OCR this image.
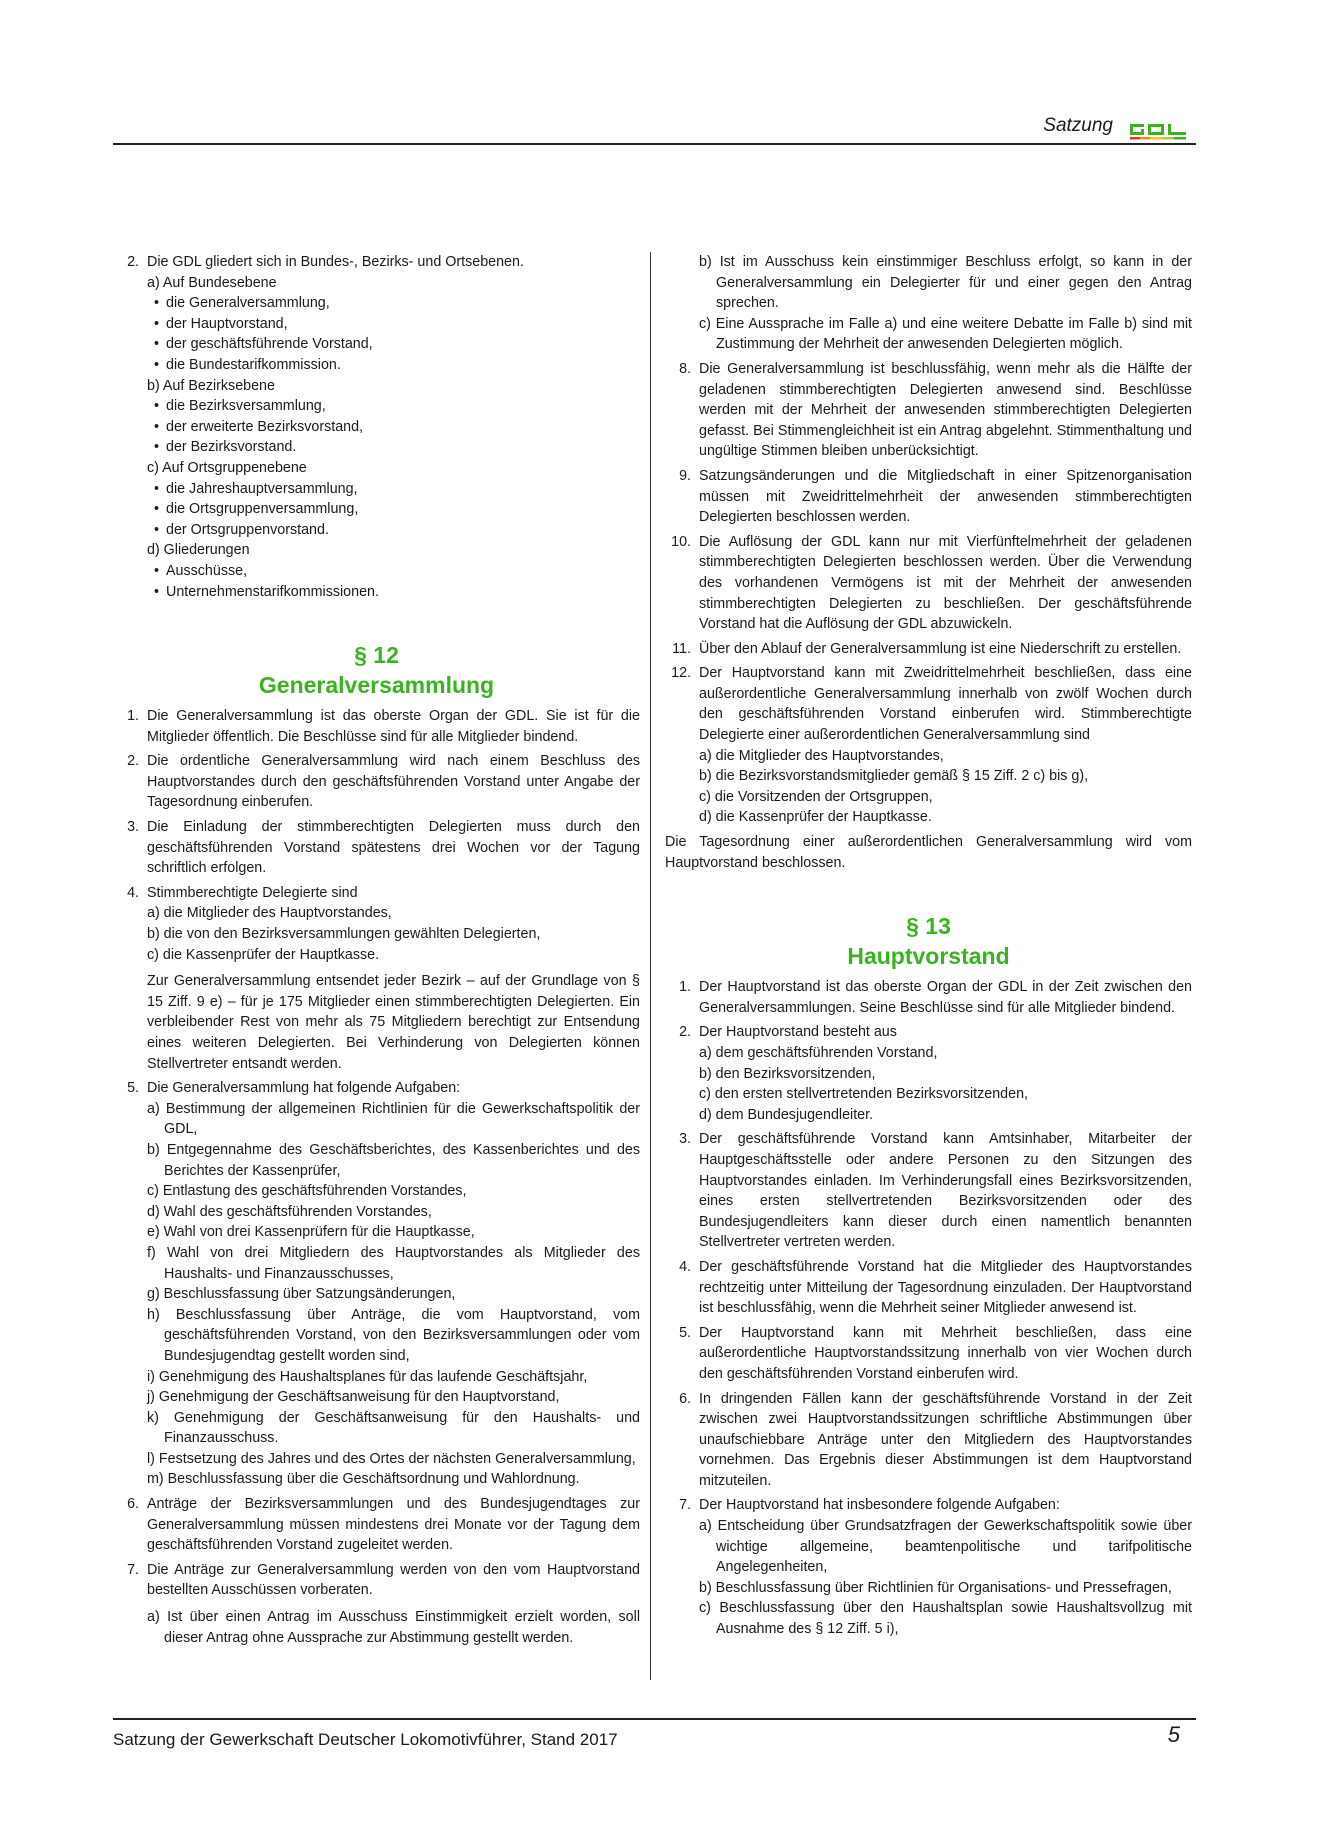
Satzung
2. Die GDL gliedert sich in Bundes-, Bezirks- und Ortsebenen.
a) Auf Bundesebene
• die Generalversammlung,
• der Hauptvorstand,
• der geschäftsführende Vorstand,
• die Bundestarifkommission.
b) Auf Bezirksebene
• die Bezirksversammlung,
• der erweiterte Bezirksvorstand,
• der Bezirksvorstand.
c) Auf Ortsgruppenebene
• die Jahreshauptversammlung,
• die Ortsgruppenversammlung,
• der Ortsgruppenvorstand.
d) Gliederungen
• Ausschüsse,
• Unternehmenstarifkommissionen.
§ 12
Generalversammlung
1. Die Generalversammlung ist das oberste Organ der GDL. Sie ist für die Mitglieder öffentlich. Die Beschlüsse sind für alle Mitglieder bindend.
2. Die ordentliche Generalversammlung wird nach einem Beschluss des Hauptvorstandes durch den geschäftsführenden Vorstand unter Angabe der Tagesordnung einberufen.
3. Die Einladung der stimmberechtigten Delegierten muss durch den geschäftsführenden Vorstand spätestens drei Wochen vor der Tagung schriftlich erfolgen.
4. Stimmberechtigte Delegierte sind
a) die Mitglieder des Hauptvorstandes,
b) die von den Bezirksversammlungen gewählten Delegierten,
c) die Kassenprüfer der Hauptkasse.
Zur Generalversammlung entsendet jeder Bezirk – auf der Grundlage von § 15 Ziff. 9 e) – für je 175 Mitglieder einen stimmberechtigten Delegierten. Ein verbleibender Rest von mehr als 75 Mitgliedern berechtigt zur Entsendung eines weiteren Delegierten. Bei Verhinderung von Delegierten können Stellvertreter entsandt werden.
5. Die Generalversammlung hat folgende Aufgaben:
a) Bestimmung der allgemeinen Richtlinien für die Gewerkschaftspolitik der GDL,
b) Entgegennahme des Geschäftsberichtes, des Kassenberichtes und des Berichtes der Kassenprüfer,
c) Entlastung des geschäftsführenden Vorstandes,
d) Wahl des geschäftsführenden Vorstandes,
e) Wahl von drei Kassenprüfern für die Hauptkasse,
f) Wahl von drei Mitgliedern des Hauptvorstandes als Mitglieder des Haushalts- und Finanzausschusses,
g) Beschlussfassung über Satzungsänderungen,
h) Beschlussfassung über Anträge, die vom Hauptvorstand, vom geschäftsführenden Vorstand, von den Bezirksversammlungen oder vom Bundesjugendtag gestellt worden sind,
i) Genehmigung des Haushaltsplanes für das laufende Geschäftsjahr,
j) Genehmigung der Geschäftsanweisung für den Hauptvorstand,
k) Genehmigung der Geschäftsanweisung für den Haushalts- und Finanzausschuss.
l) Festsetzung des Jahres und des Ortes der nächsten Generalversammlung,
m) Beschlussfassung über die Geschäftsordnung und Wahlordnung.
6. Anträge der Bezirksversammlungen und des Bundesjugendtages zur Generalversammlung müssen mindestens drei Monate vor der Tagung dem geschäftsführenden Vorstand zugeleitet werden.
7. Die Anträge zur Generalversammlung werden von den vom Hauptvorstand bestellten Ausschüssen vorberaten.
a) Ist über einen Antrag im Ausschuss Einstimmigkeit erzielt worden, soll dieser Antrag ohne Aussprache zur Abstimmung gestellt werden.
b) Ist im Ausschuss kein einstimmiger Beschluss erfolgt, so kann in der Generalversammlung ein Delegierter für und einer gegen den Antrag sprechen.
c) Eine Aussprache im Falle a) und eine weitere Debatte im Falle b) sind mit Zustimmung der Mehrheit der anwesenden Delegierten möglich.
8. Die Generalversammlung ist beschlussfähig, wenn mehr als die Hälfte der geladenen stimmberechtigten Delegierten anwesend sind. Beschlüsse werden mit der Mehrheit der anwesenden stimmberechtigten Delegierten gefasst. Bei Stimmengleichheit ist ein Antrag abgelehnt. Stimmenthaltung und ungültige Stimmen bleiben unberücksichtigt.
9. Satzungsänderungen und die Mitgliedschaft in einer Spitzenorganisation müssen mit Zweidrittelmehrheit der anwesenden stimmberechtigten Delegierten beschlossen werden.
10. Die Auflösung der GDL kann nur mit Vierfünftelmehrheit der geladenen stimmberechtigten Delegierten beschlossen werden. Über die Verwendung des vorhandenen Vermögens ist mit der Mehrheit der anwesenden stimmberechtigten Delegierten zu beschließen. Der geschäftsführende Vorstand hat die Auflösung der GDL abzuwickeln.
11. Über den Ablauf der Generalversammlung ist eine Niederschrift zu erstellen.
12. Der Hauptvorstand kann mit Zweidrittelmehrheit beschließen, dass eine außerordentliche Generalversammlung innerhalb von zwölf Wochen durch den geschäftsführenden Vorstand einberufen wird. Stimmberechtigte Delegierte einer außerordentlichen Generalversammlung sind
a) die Mitglieder des Hauptvorstandes,
b) die Bezirksvorstandsmitglieder gemäß § 15 Ziff. 2 c) bis g),
c) die Vorsitzenden der Ortsgruppen,
d) die Kassenprüfer der Hauptkasse.
Die Tagesordnung einer außerordentlichen Generalversammlung wird vom Hauptvorstand beschlossen.
§ 13
Hauptvorstand
1. Der Hauptvorstand ist das oberste Organ der GDL in der Zeit zwischen den Generalversammlungen. Seine Beschlüsse sind für alle Mitglieder bindend.
2. Der Hauptvorstand besteht aus
a) dem geschäftsführenden Vorstand,
b) den Bezirksvorsitzenden,
c) den ersten stellvertretenden Bezirksvorsitzenden,
d) dem Bundesjugendleiter.
3. Der geschäftsführende Vorstand kann Amtsinhaber, Mitarbeiter der Hauptgeschäftsstelle oder andere Personen zu den Sitzungen des Hauptvorstandes einladen. Im Verhinderungsfall eines Bezirksvorsitzenden, eines ersten stellvertretenden Bezirksvorsitzenden oder des Bundesjugendleiters kann dieser durch einen namentlich benannten Stellvertreter vertreten werden.
4. Der geschäftsführende Vorstand hat die Mitglieder des Hauptvorstandes rechtzeitig unter Mitteilung der Tagesordnung einzuladen. Der Hauptvorstand ist beschlussfähig, wenn die Mehrheit seiner Mitglieder anwesend ist.
5. Der Hauptvorstand kann mit Mehrheit beschließen, dass eine außerordentliche Hauptvorstandssitzung innerhalb von vier Wochen durch den geschäftsführenden Vorstand einberufen wird.
6. In dringenden Fällen kann der geschäftsführende Vorstand in der Zeit zwischen zwei Hauptvorstandssitzungen schriftliche Abstimmungen über unaufschiebbare Anträge unter den Mitgliedern des Hauptvorstandes vornehmen. Das Ergebnis dieser Abstimmungen ist dem Hauptvorstand mitzuteilen.
7. Der Hauptvorstand hat insbesondere folgende Aufgaben:
a) Entscheidung über Grundsatzfragen der Gewerkschaftspolitik sowie über wichtige allgemeine, beamtenpolitische und tarifpolitische Angelegenheiten,
b) Beschlussfassung über Richtlinien für Organisations- und Pressefragen,
c) Beschlussfassung über den Haushaltsplan sowie Haushaltsvollzug mit Ausnahme des § 12 Ziff. 5 i),
Satzung der Gewerkschaft Deutscher Lokomotivführer, Stand 2017	5
